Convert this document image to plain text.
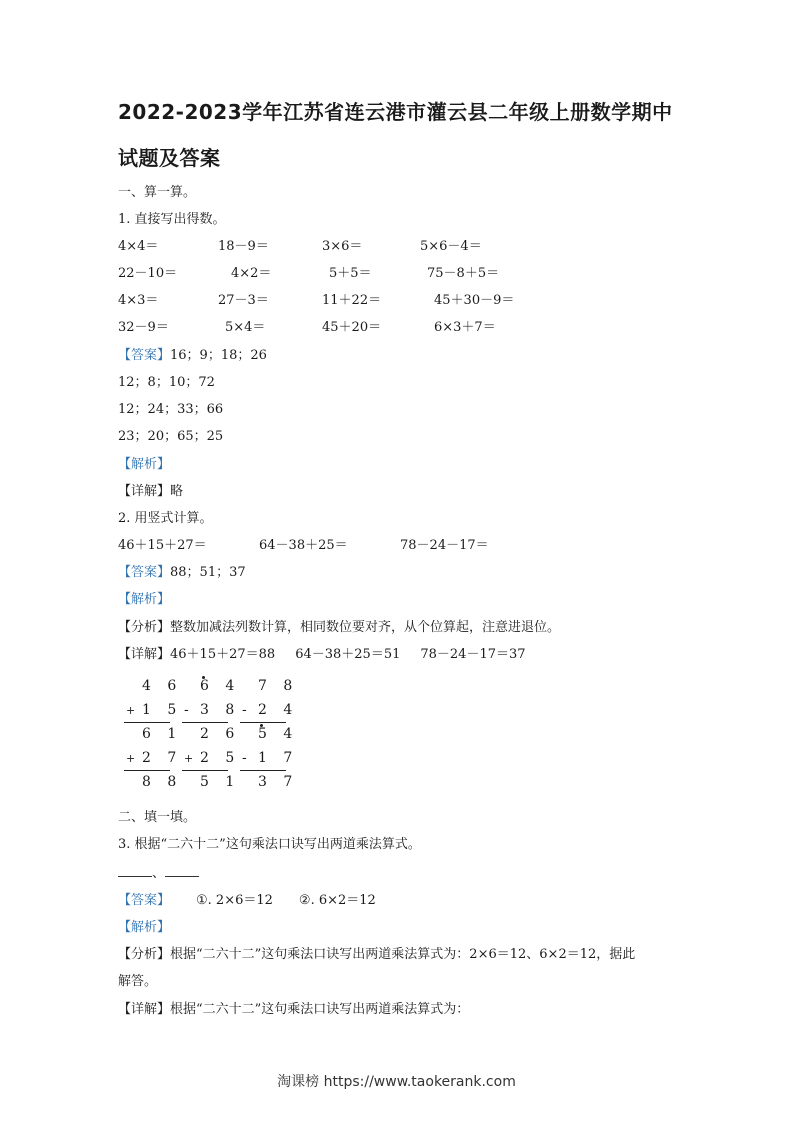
2022-2023学年江苏省连云港市灌云县二年级上册数学期中
试题及答案
一、算一算。
1. 直接写出得数。
4×4＝	18－9＝	3×6＝	5×6－4＝
22－10＝	4×2＝	5＋5＝	75－8＋5＝
4×3＝	27－3＝	11＋22＝	45＋30－9＝
32－9＝	5×4＝	45＋20＝	6×3＋7＝
【答案】16；9；18；26
12；8；10；72
12；24；33；66
23；20；65；25
【解析】
【详解】略
2. 用竖式计算。
46＋15＋27＝	64－38＋25＝	78－24－17＝
【答案】88；51；37
【解析】
【分析】整数加减法列数计算，相同数位要对齐，从个位算起，注意进退位。
【详解】46＋15＋27＝88 64－38＋25＝51 78－24－17＝37
4 6
+ 1 5
6 1
+ 2 7
8 8
6 4
- 3 8
2 6
+ 2 5
5 1
7 8
- 2 4
5 4
- 1 7
3 7
二、填一填。
3. 根据“二六十二”这句乘法口诀写出两道乘法算式。
、
【答案】 ①. 2×6＝12 ②. 6×2＝12
【解析】
【分析】根据“二六十二”这句乘法口诀写出两道乘法算式为：2×6＝12、6×2＝12，据此
解答。
【详解】根据“二六十二”这句乘法口诀写出两道乘法算式为：
淘课榜 https://www.taokerank.com
